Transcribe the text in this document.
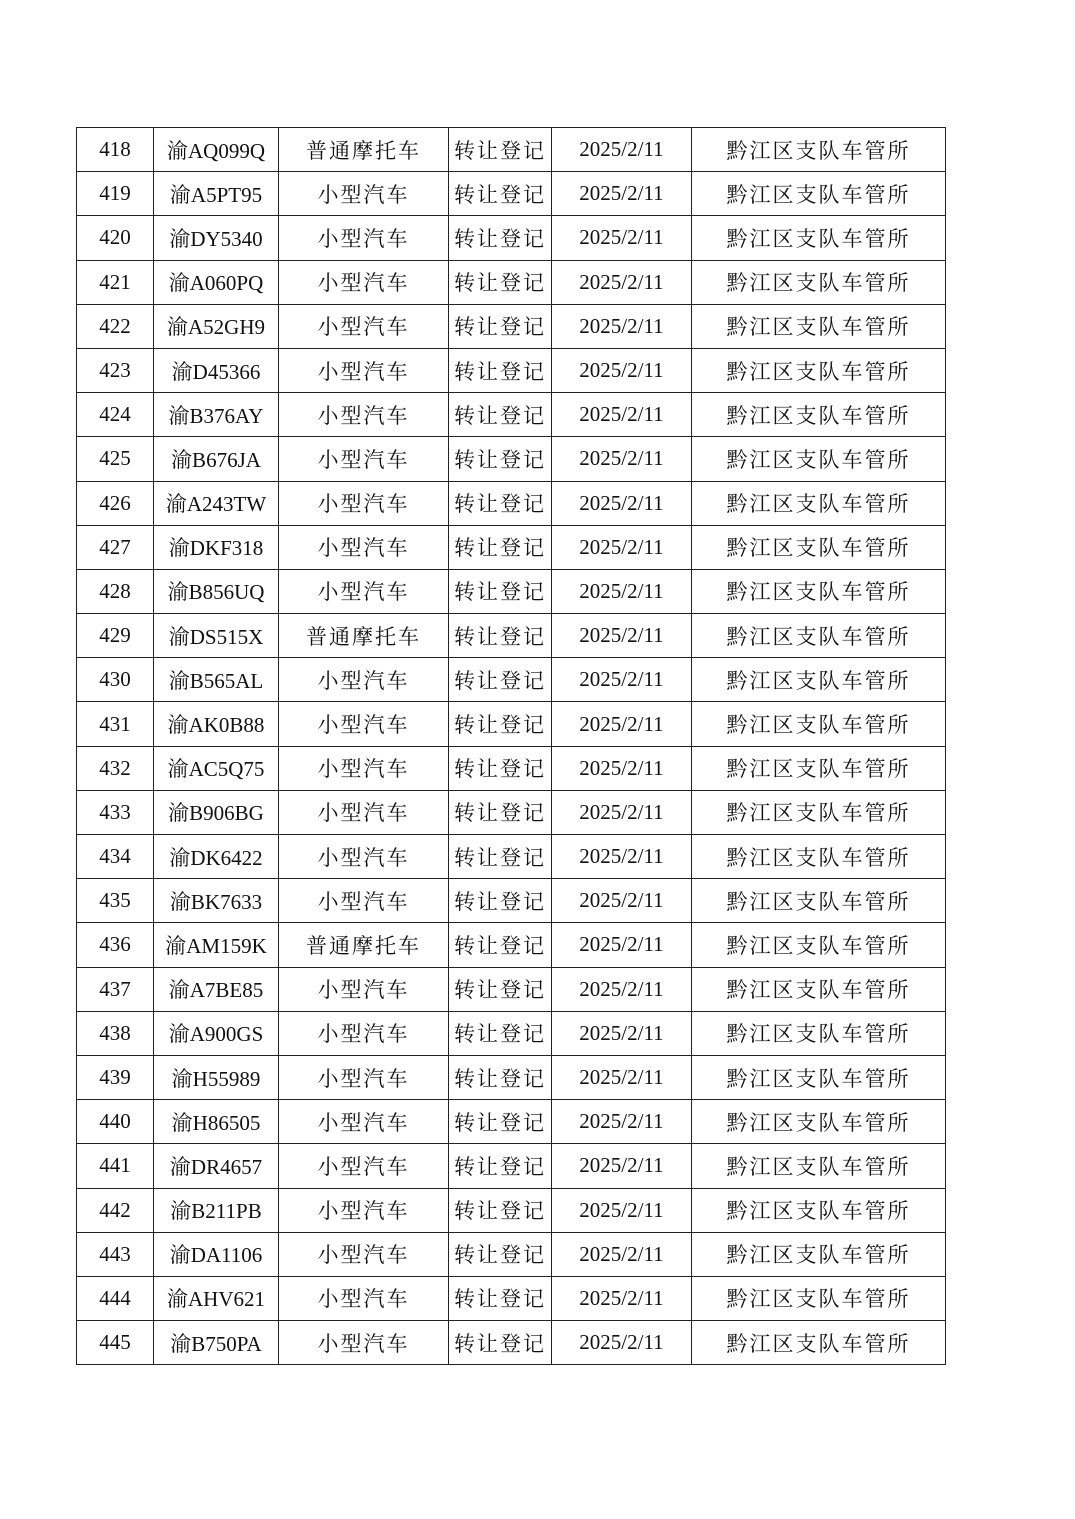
418	渝AQ099Q	普通摩托车	转让登记	2025/2/11	黔江区支队车管所
419	渝A5PT95	小型汽车	转让登记	2025/2/11	黔江区支队车管所
420	渝DY5340	小型汽车	转让登记	2025/2/11	黔江区支队车管所
421	渝A060PQ	小型汽车	转让登记	2025/2/11	黔江区支队车管所
422	渝A52GH9	小型汽车	转让登记	2025/2/11	黔江区支队车管所
423	渝D45366	小型汽车	转让登记	2025/2/11	黔江区支队车管所
424	渝B376AY	小型汽车	转让登记	2025/2/11	黔江区支队车管所
425	渝B676JA	小型汽车	转让登记	2025/2/11	黔江区支队车管所
426	渝A243TW	小型汽车	转让登记	2025/2/11	黔江区支队车管所
427	渝DKF318	小型汽车	转让登记	2025/2/11	黔江区支队车管所
428	渝B856UQ	小型汽车	转让登记	2025/2/11	黔江区支队车管所
429	渝DS515X	普通摩托车	转让登记	2025/2/11	黔江区支队车管所
430	渝B565AL	小型汽车	转让登记	2025/2/11	黔江区支队车管所
431	渝AK0B88	小型汽车	转让登记	2025/2/11	黔江区支队车管所
432	渝AC5Q75	小型汽车	转让登记	2025/2/11	黔江区支队车管所
433	渝B906BG	小型汽车	转让登记	2025/2/11	黔江区支队车管所
434	渝DK6422	小型汽车	转让登记	2025/2/11	黔江区支队车管所
435	渝BK7633	小型汽车	转让登记	2025/2/11	黔江区支队车管所
436	渝AM159K	普通摩托车	转让登记	2025/2/11	黔江区支队车管所
437	渝A7BE85	小型汽车	转让登记	2025/2/11	黔江区支队车管所
438	渝A900GS	小型汽车	转让登记	2025/2/11	黔江区支队车管所
439	渝H55989	小型汽车	转让登记	2025/2/11	黔江区支队车管所
440	渝H86505	小型汽车	转让登记	2025/2/11	黔江区支队车管所
441	渝DR4657	小型汽车	转让登记	2025/2/11	黔江区支队车管所
442	渝B211PB	小型汽车	转让登记	2025/2/11	黔江区支队车管所
443	渝DA1106	小型汽车	转让登记	2025/2/11	黔江区支队车管所
444	渝AHV621	小型汽车	转让登记	2025/2/11	黔江区支队车管所
445	渝B750PA	小型汽车	转让登记	2025/2/11	黔江区支队车管所
